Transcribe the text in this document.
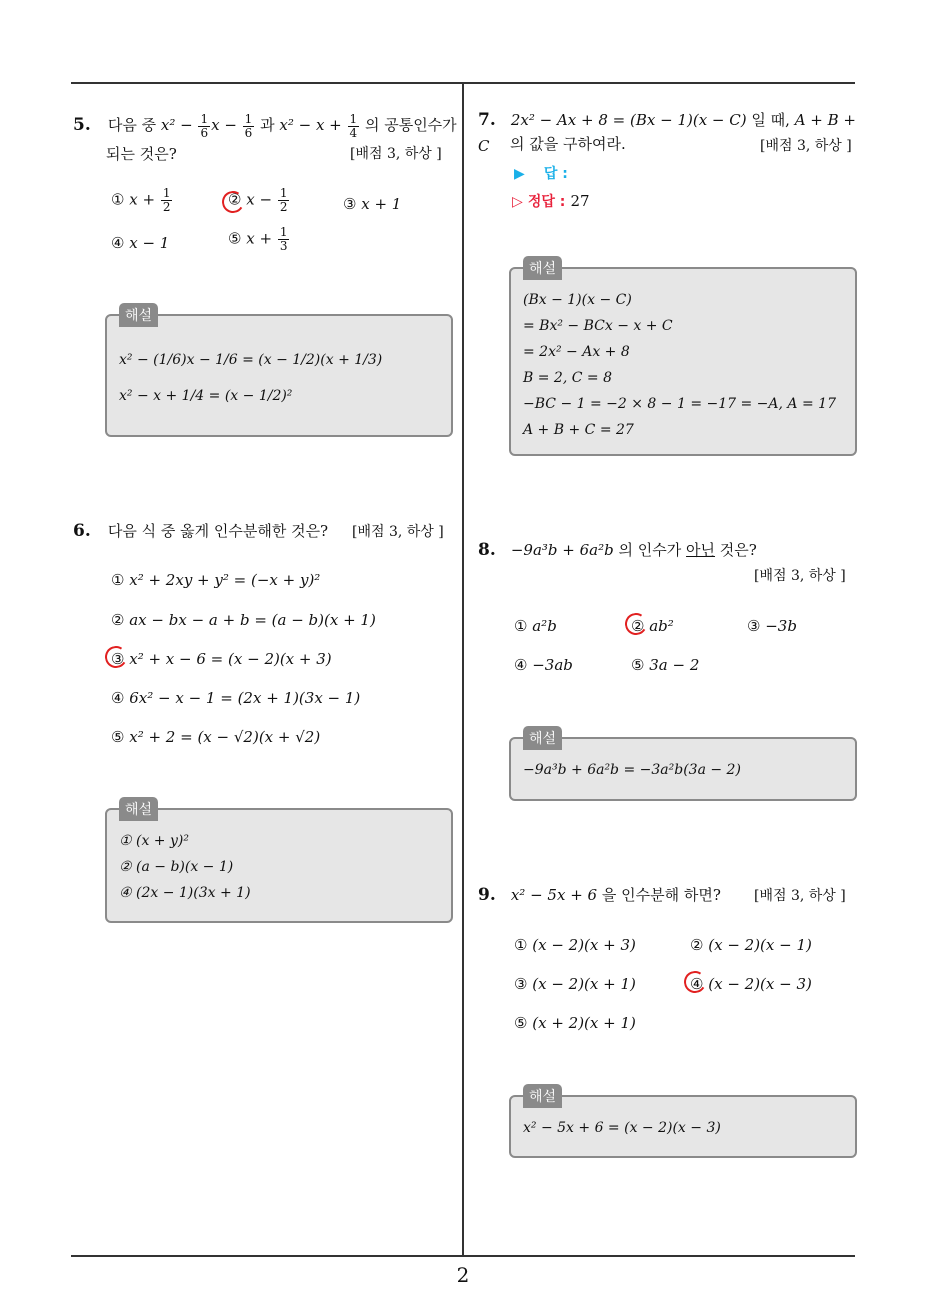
2
5. 다음 중 $x^2 - \frac{1}{6}$ $x - \frac{1}{6}$ 과 $x^2 - x + \frac{1}{4}$ 의 공통인수가
되는 것은?	[배점 3, 하상 ]
① $x + \frac{1}{2}$	② $x - \frac{1}{2}$	③ x + 1
④ x − 1	⑤ $x + \frac{1}{3}$
해설
x² − (1/6)x − 1/6 = (x − 1/2)(x + 1/3)
x² − x + 1/4 = (x − 1/2)²
6. 다음 식 중 옳게 인수분해한 것은? [배점 3, 하상 ]
① x² + 2xy + y² = (−x + y)²
② ax − bx − a + b = (a − b)(x + 1)
③ x² + x − 6 = (x − 2)(x + 3)
④ 6x² − x − 1 = (2x + 1)(3x − 1)
⑤ x² + 2 = (x − √2)(x + √2)
해설
① (x + y)²
② (a − b)(x − 1)
④ (2x − 1)(3x + 1)
7. 2x² − Ax + 8 = (Bx − 1)(x − C) 일 때, A + B + C	의 값을 구하여라.	[배점 3, 하상 ]
▶ 답 :
▷ 정답 : 27
해설
(Bx − 1)(x − C)
= Bx² − BCx − x + C
= 2x² − Ax + 8
B = 2, C = 8
−BC − 1 = −2 × 8 − 1 = −17 = −A, A = 17
A + B + C = 27
8. −9a³b + 6a²b 의 인수가 아닌 것은?
[배점 3, 하상 ]
① a²b	② ab²	③ −3b
④ −3ab	⑤ 3a − 2
해설
−9a³b + 6a²b = −3a²b(3a − 2)
9. x² − 5x + 6 을 인수분해 하면? [배점 3, 하상 ]
① (x − 2)(x + 3)	② (x − 2)(x − 1)
③ (x − 2)(x + 1)	④ (x − 2)(x − 3)
⑤ (x + 2)(x + 1)
해설
x² − 5x + 6 = (x − 2)(x − 3)
